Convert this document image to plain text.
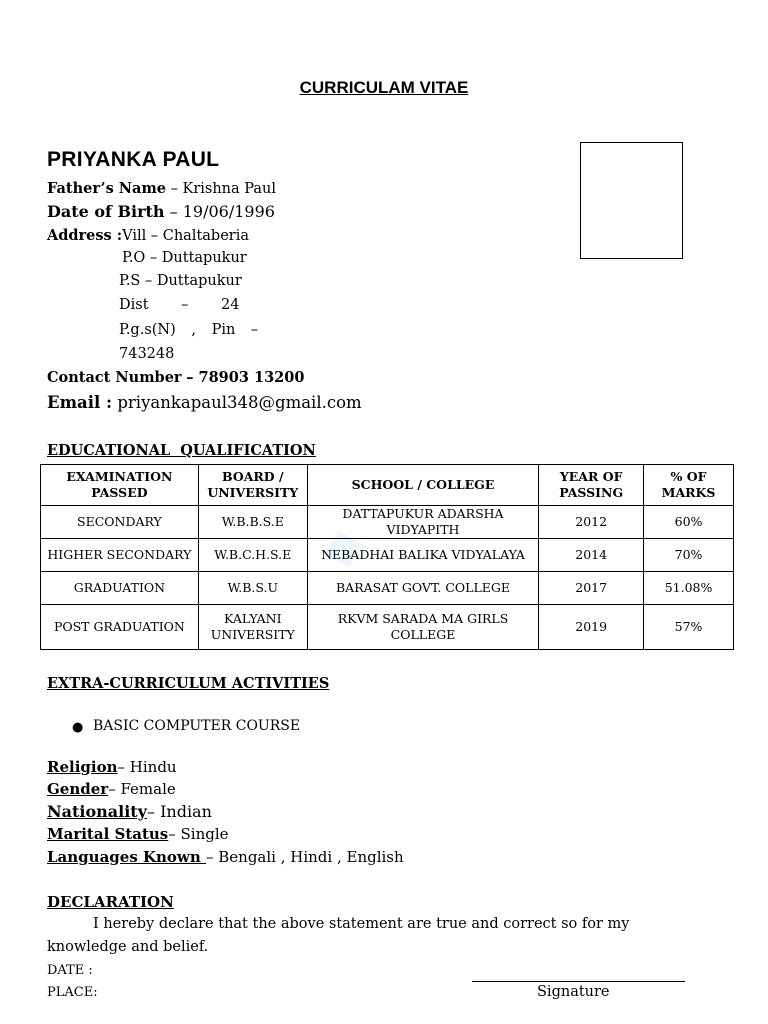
■
CURRICULAM VITAE
PRIYANKA PAUL
Father’s Name – Krishna Paul
Date of Birth – 19/06/1996
Address :Vill – Chaltaberia
P.O – Duttapukur
P.S – Duttapukur
Dist – 24
P.g.s(N) , Pin –
743248
Contact Number – 78903 13200
Email : priyankapaul348@gmail.com
EDUCATIONAL QUALIFICATION
EXAMINATION PASSED	BOARD / UNIVERSITY	SCHOOL / COLLEGE	YEAR OF PASSING	% OF MARKS
SECONDARY	W.B.B.S.E	DATTAPUKUR ADARSHA VIDYAPITH	2012	60%
HIGHER SECONDARY	W.B.C.H.S.E	NEBADHAI BALIKA VIDYALAYA	2014	70%
GRADUATION	W.B.S.U	BARASAT GOVT. COLLEGE	2017	51.08%
POST GRADUATION	KALYANI UNIVERSITY	RKVM SARADA MA GIRLS COLLEGE	2019	57%
EXTRA-CURRICULUM ACTIVITIES
● BASIC COMPUTER COURSE
Religion– Hindu
Gender– Female
Nationality– Indian
Marital Status– Single
Languages Known – Bengali , Hindi , English
DECLARATION
I hereby declare that the above statement are true and correct so for my
knowledge and belief.
DATE :
PLACE:	Signature
